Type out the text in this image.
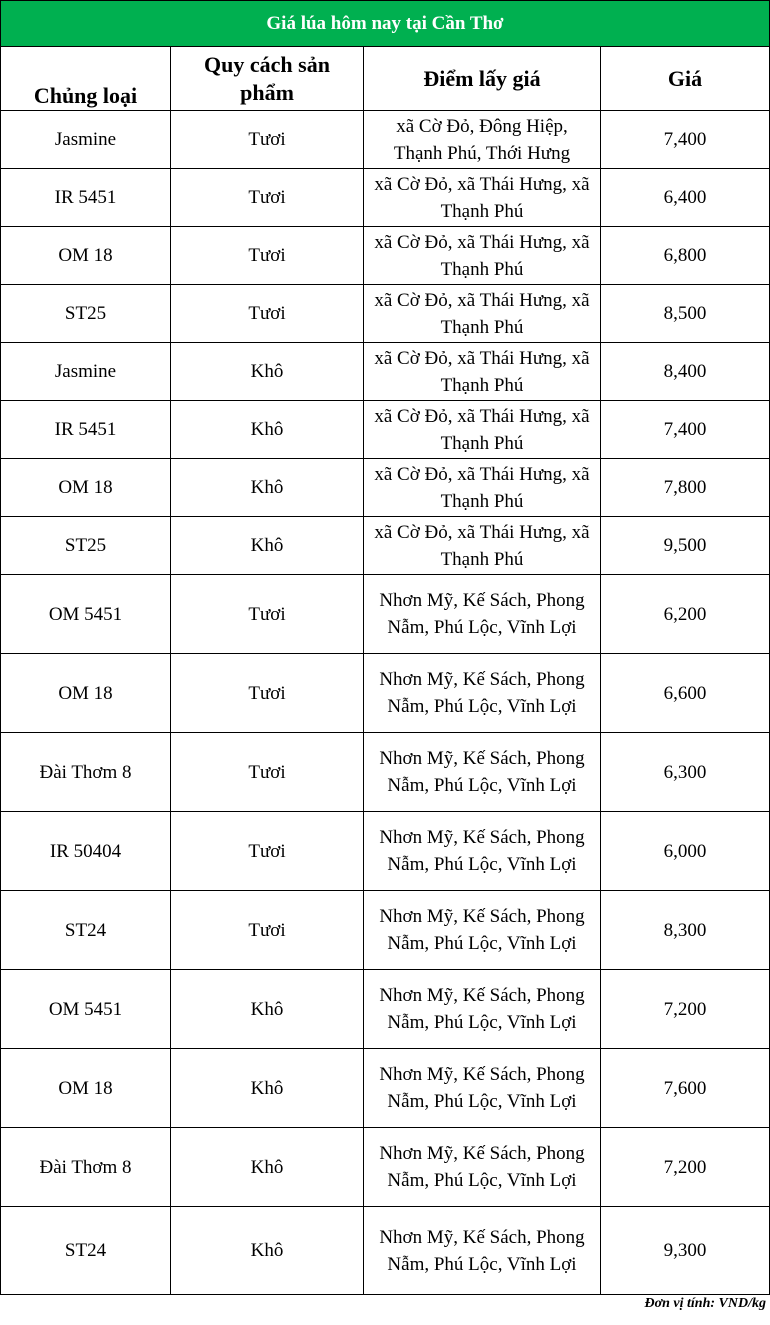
Giá lúa hôm nay tại Cần Thơ			
Chủng loại	Quy cách sản phẩm	Điểm lấy giá	Giá
Jasmine	Tươi	xã Cờ Đỏ, Đông Hiệp, Thạnh Phú, Thới Hưng	7,400
IR 5451	Tươi	xã Cờ Đỏ, xã Thái Hưng, xã Thạnh Phú	6,400
OM 18	Tươi	xã Cờ Đỏ, xã Thái Hưng, xã Thạnh Phú	6,800
ST25	Tươi	xã Cờ Đỏ, xã Thái Hưng, xã Thạnh Phú	8,500
Jasmine	Khô	xã Cờ Đỏ, xã Thái Hưng, xã Thạnh Phú	8,400
IR 5451	Khô	xã Cờ Đỏ, xã Thái Hưng, xã Thạnh Phú	7,400
OM 18	Khô	xã Cờ Đỏ, xã Thái Hưng, xã Thạnh Phú	7,800
ST25	Khô	xã Cờ Đỏ, xã Thái Hưng, xã Thạnh Phú	9,500
OM 5451	Tươi	Nhơn Mỹ, Kế Sách, Phong Nẫm, Phú Lộc, Vĩnh Lợi	6,200
OM 18	Tươi	Nhơn Mỹ, Kế Sách, Phong Nẫm, Phú Lộc, Vĩnh Lợi	6,600
Đài Thơm 8	Tươi	Nhơn Mỹ, Kế Sách, Phong Nẫm, Phú Lộc, Vĩnh Lợi	6,300
IR 50404	Tươi	Nhơn Mỹ, Kế Sách, Phong Nẫm, Phú Lộc, Vĩnh Lợi	6,000
ST24	Tươi	Nhơn Mỹ, Kế Sách, Phong Nẫm, Phú Lộc, Vĩnh Lợi	8,300
OM 5451	Khô	Nhơn Mỹ, Kế Sách, Phong Nẫm, Phú Lộc, Vĩnh Lợi	7,200
OM 18	Khô	Nhơn Mỹ, Kế Sách, Phong Nẫm, Phú Lộc, Vĩnh Lợi	7,600
Đài Thơm 8	Khô	Nhơn Mỹ, Kế Sách, Phong Nẫm, Phú Lộc, Vĩnh Lợi	7,200
ST24	Khô	Nhơn Mỹ, Kế Sách, Phong Nẫm, Phú Lộc, Vĩnh Lợi	9,300
Đơn vị tính: VND/kg
